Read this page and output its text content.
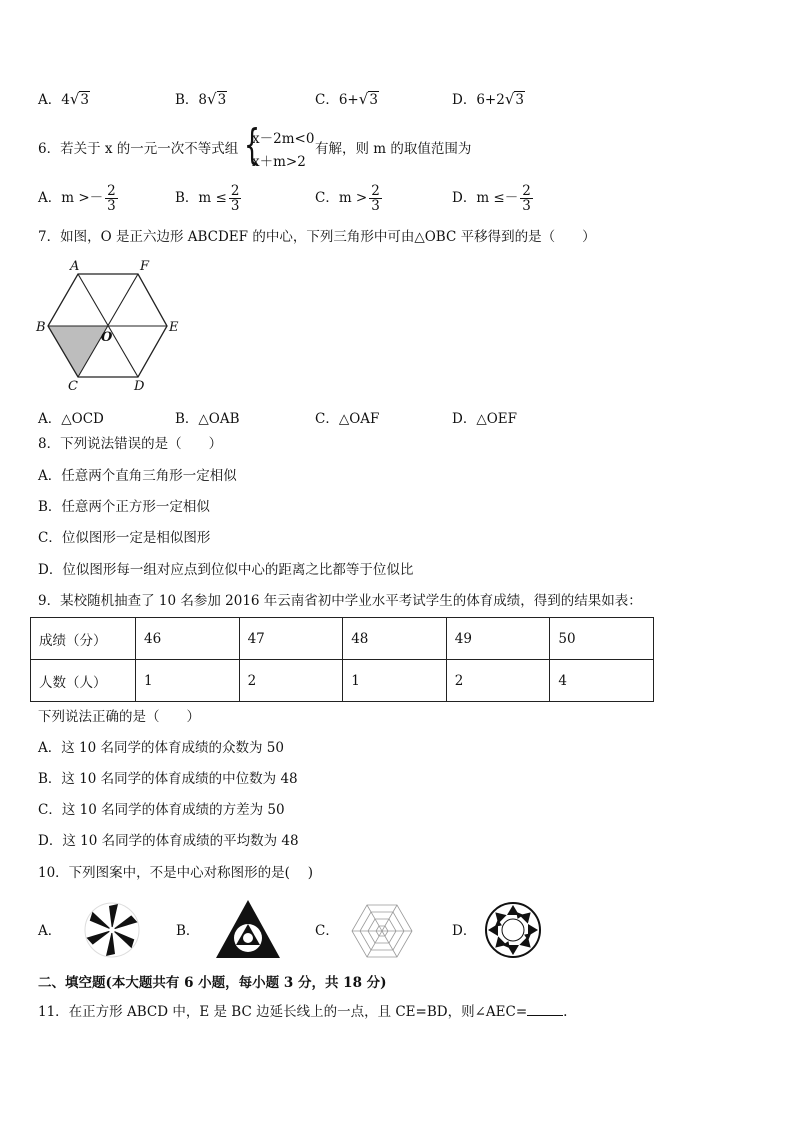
A．4√3	B．8√3	C．6+√3	D．6+2√3
6．若关于 x 的一元一次不等式组 {
x－2m<0
x＋m>2
有解，则 m 的取值范围为
A．$m >- \frac{2}{3}$	B．$m \le \frac{2}{3}$	C．$m > \frac{2}{3}$	D．$m \le- \frac{2}{3}$
7．如图，O 是正六边形 ABCDEF 的中心，下列三角形中可由△OBC 平移得到的是（　　）
A	F
B
O
E
C	D
A．△OCD	B．△OAB	C．△OAF	D．△OEF
8．下列说法错误的是（　　）
A．任意两个直角三角形一定相似
B．任意两个正方形一定相似
C．位似图形一定是相似图形
D．位似图形每一组对应点到位似中心的距离之比都等于位似比
9．某校随机抽查了 10 名参加 2016 年云南省初中学业水平考试学生的体育成绩，得到的结果如表：
成绩（分）	46	47	48	49	50
人数（人）	1	2	1	2	4
下列说法正确的是（　　）
A．这 10 名同学的体育成绩的众数为 50
B．这 10 名同学的体育成绩的中位数为 48
C．这 10 名同学的体育成绩的方差为 50
D．这 10 名同学的体育成绩的平均数为 48
10．下列图案中，不是中心对称图形的是(　 )
A．	B．	C．	D．
二、填空题(本大题共有 6 小题，每小题 3 分，共 18 分)
11．在正方形 ABCD 中，E 是 BC 边延长线上的一点，且 CE=BD，则∠AEC=	.
